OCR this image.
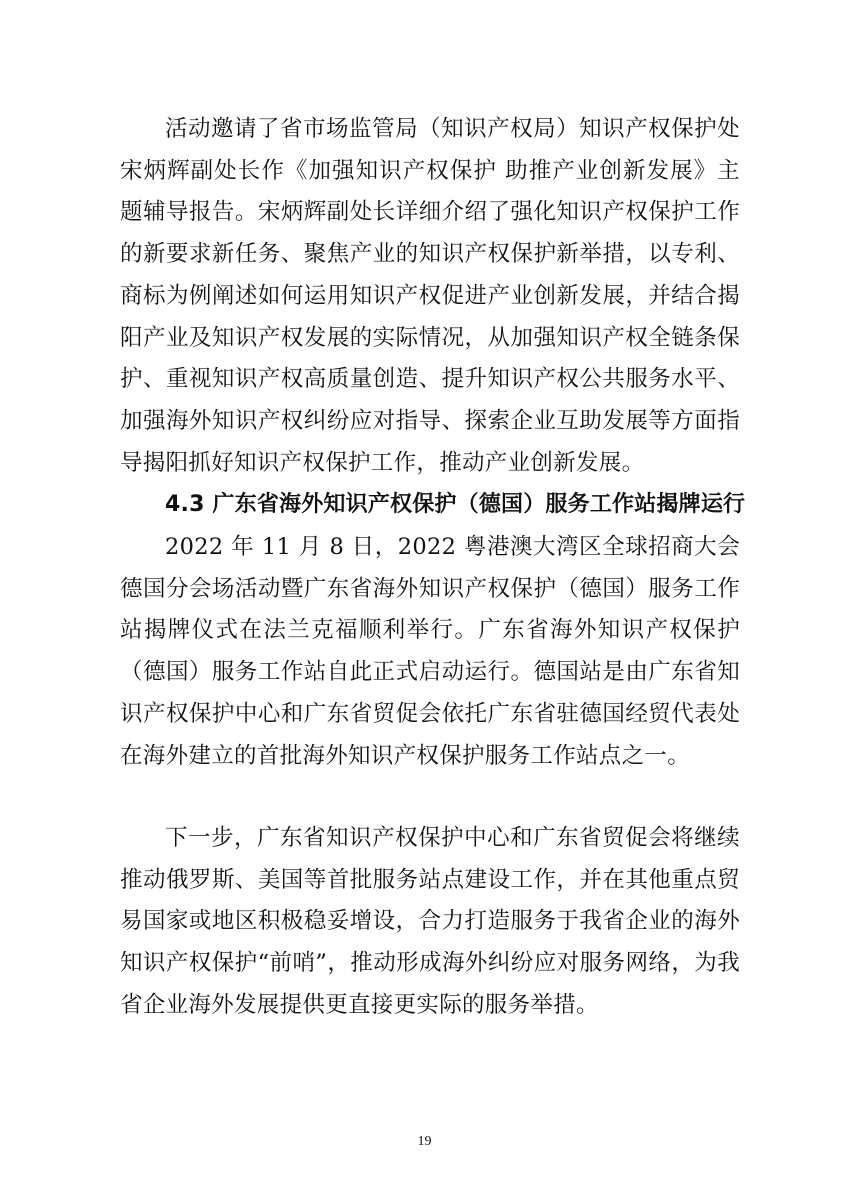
活动邀请了省市场监管局（知识产权局）知识产权保护处宋炳辉副处长作《加强知识产权保护 助推产业创新发展》主题辅导报告。宋炳辉副处长详细介绍了强化知识产权保护工作的新要求新任务、聚焦产业的知识产权保护新举措，以专利、商标为例阐述如何运用知识产权促进产业创新发展，并结合揭阳产业及知识产权发展的实际情况，从加强知识产权全链条保护、重视知识产权高质量创造、提升知识产权公共服务水平、加强海外知识产权纠纷应对指导、探索企业互助发展等方面指导揭阳抓好知识产权保护工作，推动产业创新发展。

4.3 广东省海外知识产权保护（德国）服务工作站揭牌运行

2022 年 11 月 8 日，2022 粤港澳大湾区全球招商大会德国分会场活动暨广东省海外知识产权保护（德国）服务工作站揭牌仪式在法兰克福顺利举行。广东省海外知识产权保护（德国）服务工作站自此正式启动运行。德国站是由广东省知识产权保护中心和广东省贸促会依托广东省驻德国经贸代表处在海外建立的首批海外知识产权保护服务工作站点之一。

下一步，广东省知识产权保护中心和广东省贸促会将继续推动俄罗斯、美国等首批服务站点建设工作，并在其他重点贸易国家或地区积极稳妥增设，合力打造服务于我省企业的海外知识产权保护“前哨”，推动形成海外纠纷应对服务网络，为我省企业海外发展提供更直接更实际的服务举措。

19
